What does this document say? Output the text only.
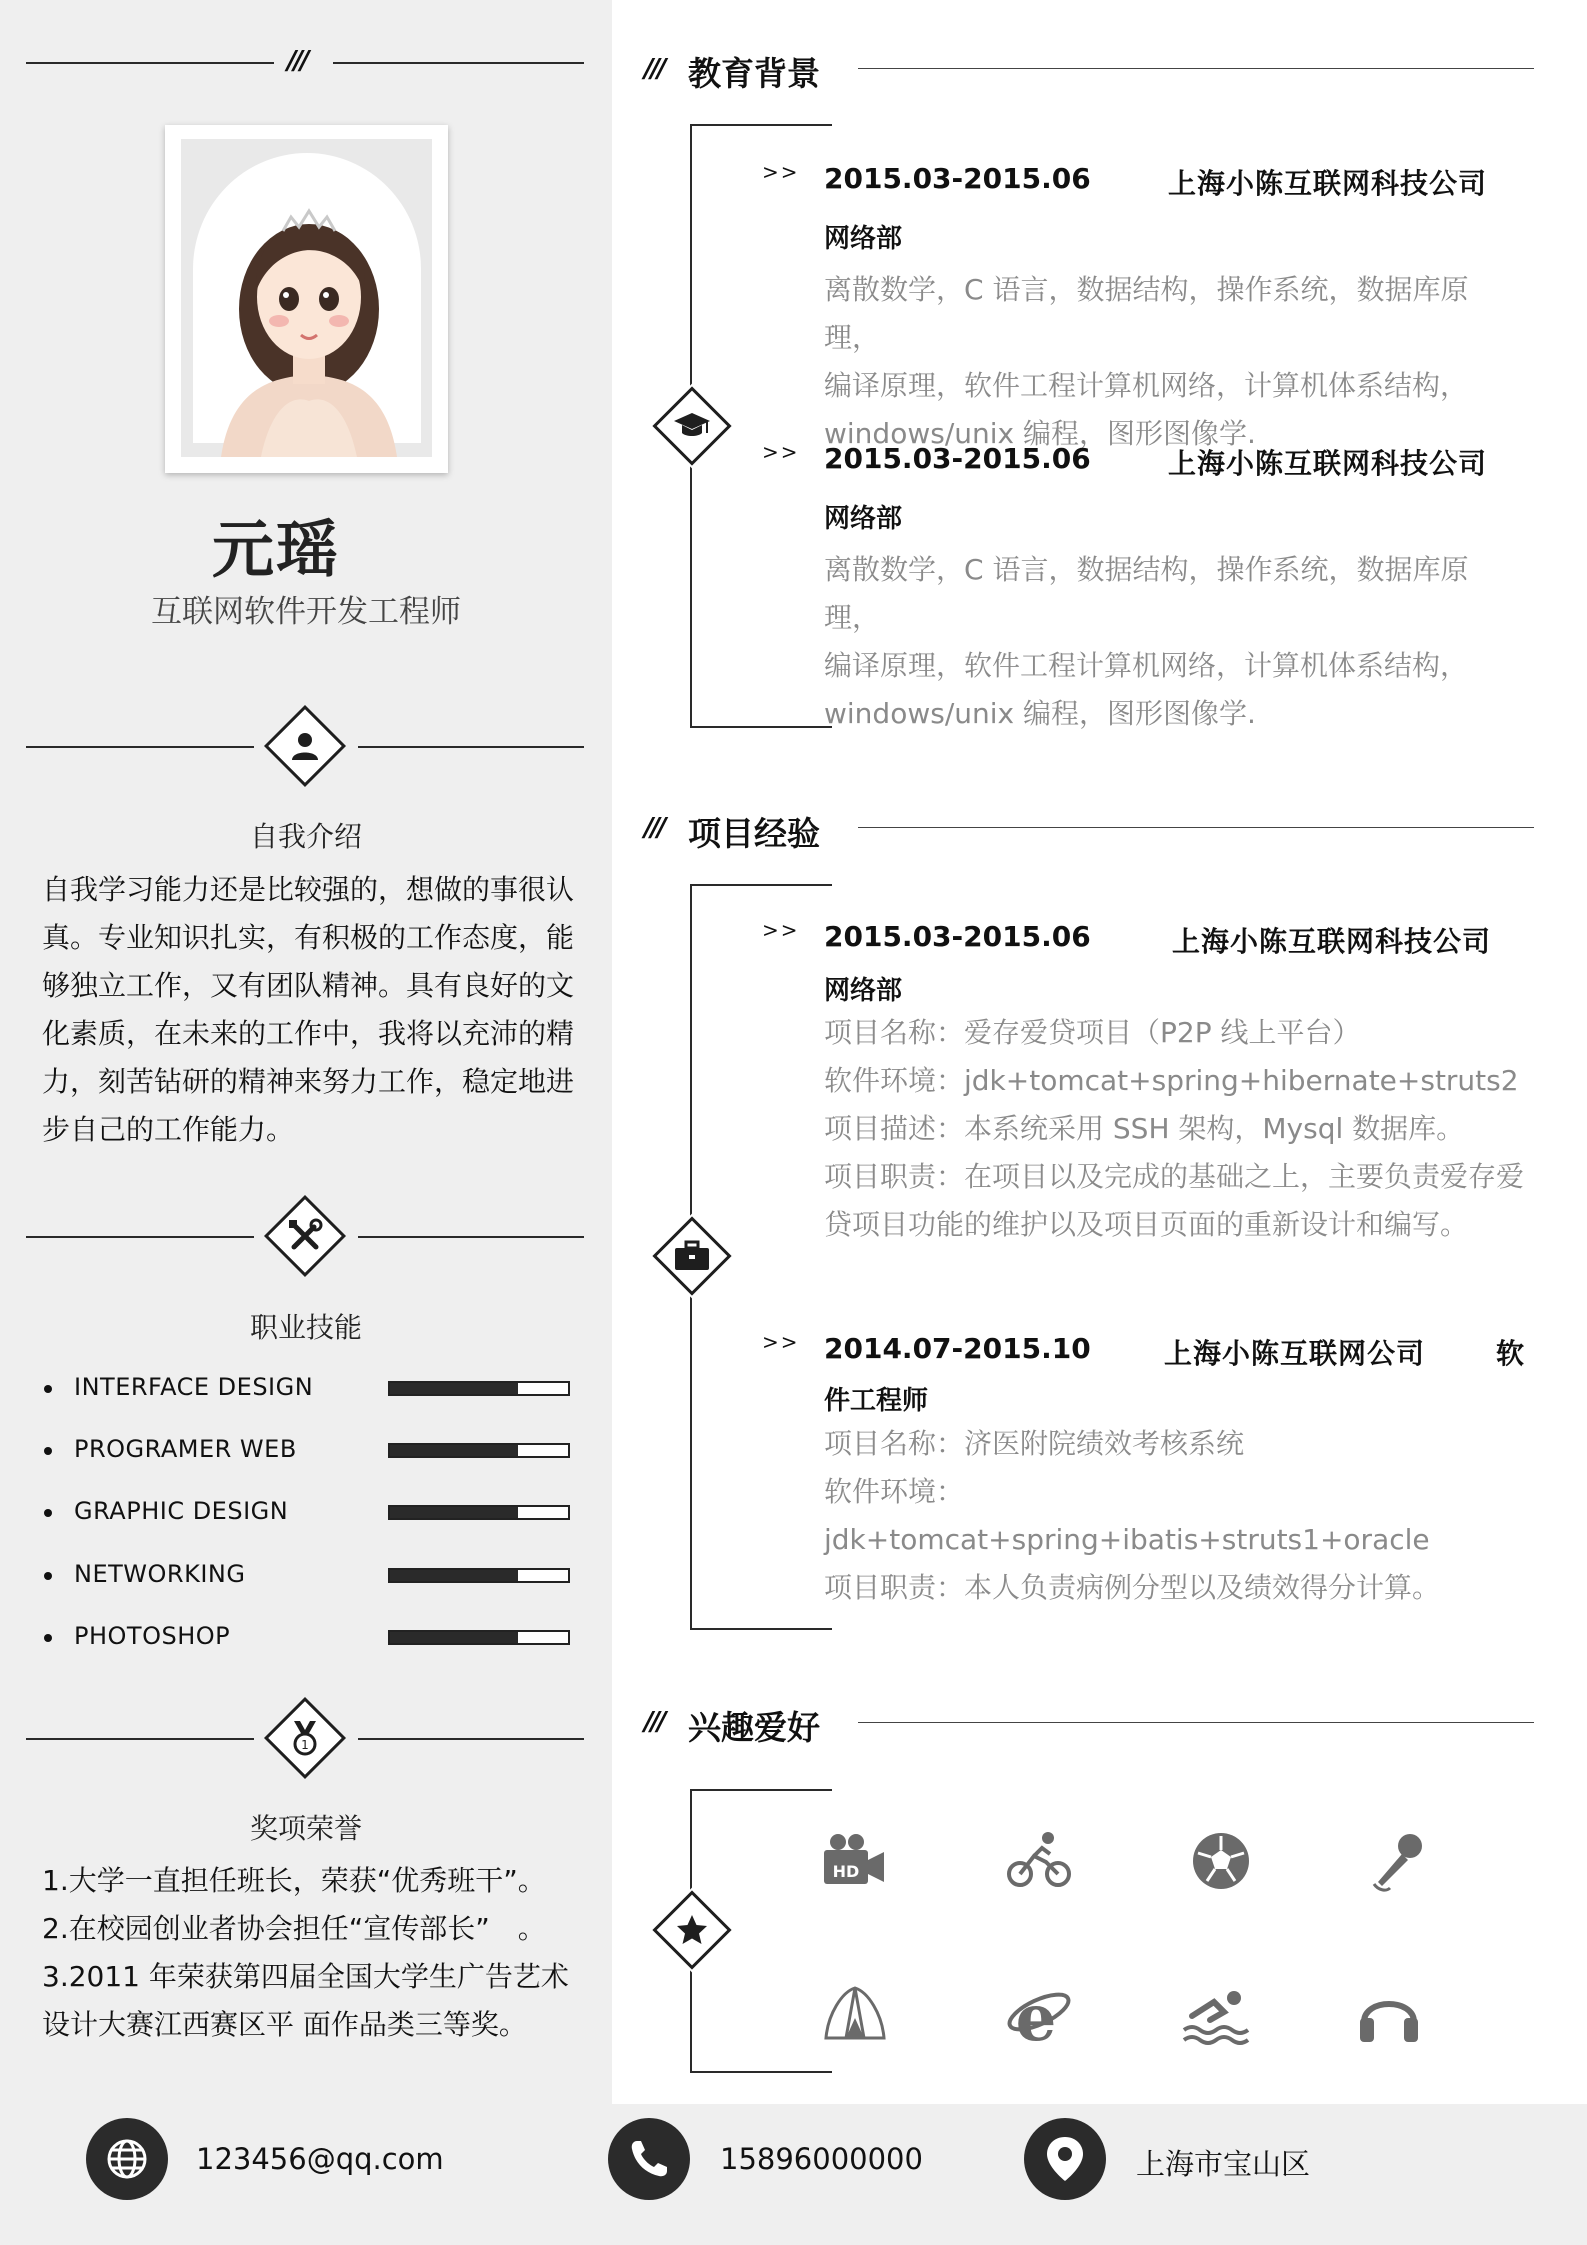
///
元瑶
互联网软件开发工程师
自我介绍
自我学习能力还是比较强的，想做的事很认
真。专业知识扎实，有积极的工作态度，能
够独立工作，又有团队精神。具有良好的文
化素质，在未来的工作中，我将以充沛的精
力，刻苦钻研的精神来努力工作，稳定地进
步自己的工作能力。
职业技能
INTERFACE DESIGN
PROGRAMER WEB
GRAPHIC DESIGN
NETWORKING
PHOTOSHOP
1
奖项荣誉
1.大学一直担任班长，荣获“优秀班干”。
2.在校园创业者协会担任“宣传部长”　。
3.2011 年荣获第四届全国大学生广告艺术
设计大赛江西赛区平 面作品类三等奖。
/// 教育背景
>> 2015.03-2015.06	上海小陈互联网科技公司
网络部
离散数学，C 语言，数据结构，操作系统，数据库原理，
编译原理，软件工程计算机网络，计算机体系结构，
windows/unix 编程，图形图像学.
>> 2015.03-2015.06	上海小陈互联网科技公司
网络部
离散数学，C 语言，数据结构，操作系统，数据库原理，
编译原理，软件工程计算机网络，计算机体系结构，
windows/unix 编程，图形图像学.
/// 项目经验
>> 2015.03-2015.06	上海小陈互联网科技公司
网络部
项目名称：爱存爱贷项目（P2P 线上平台）
软件环境：jdk+tomcat+spring+hibernate+struts2
项目描述：本系统采用 SSH 架构，Mysql 数据库。
项目职责：在项目以及完成的基础之上，主要负责爱存爱
贷项目功能的维护以及项目页面的重新设计和编写。
>> 2014.07-2015.10	上海小陈互联网公司	软
件工程师
项目名称：济医附院绩效考核系统
软件环境：jdk+tomcat+spring+ibatis+struts1+oracle
项目职责：本人负责病例分型以及绩效得分计算。
/// 兴趣爱好
HD
e
123456@qq.com	15896000000	上海市宝山区
